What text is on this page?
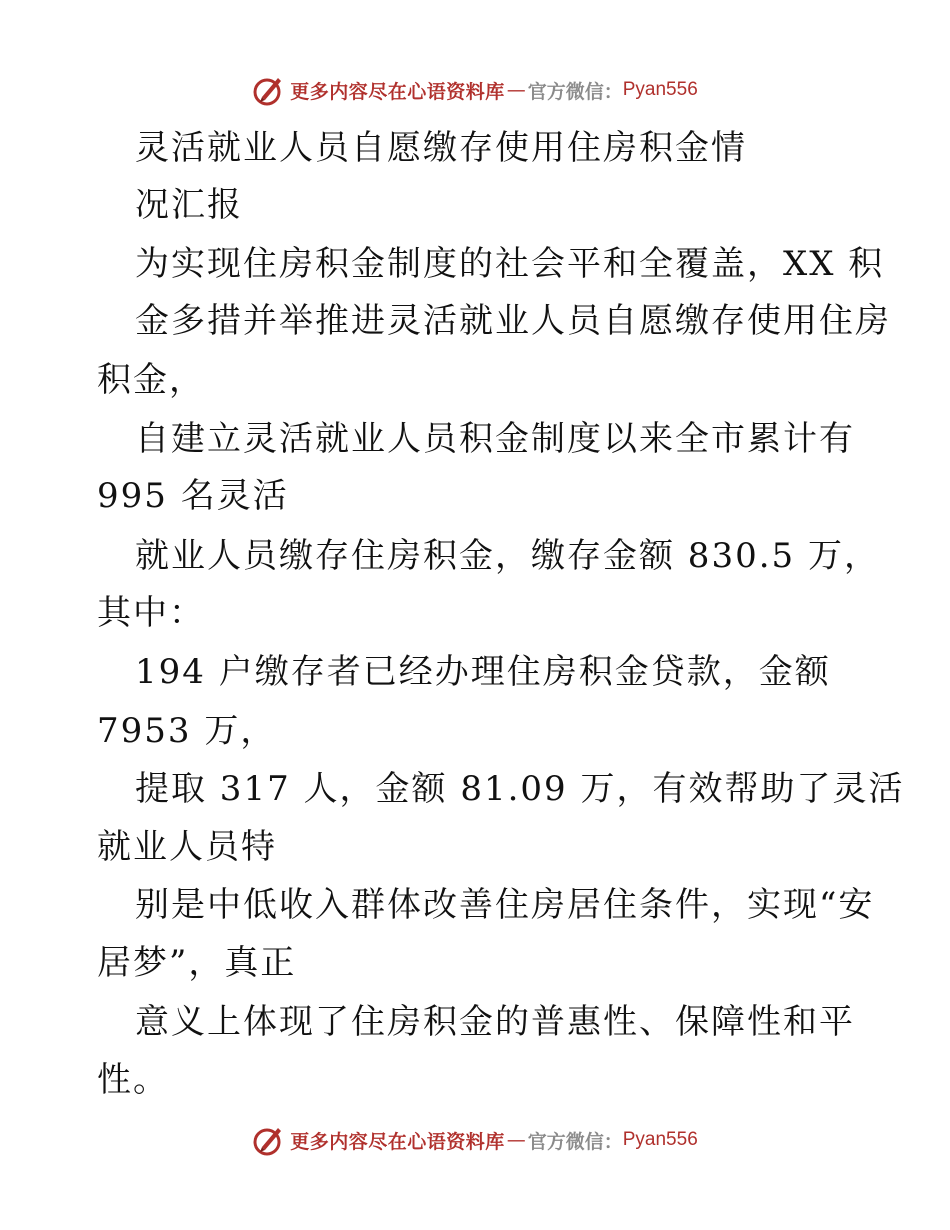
更多内容尽在心语资料库 — 官方微信： Pyan556
灵活就业人员自愿缴存使用住房积金情
况汇报
为实现住房积金制度的社会平和全覆盖，XX 积
金多措并举推进灵活就业人员自愿缴存使用住房
积金，
自建立灵活就业人员积金制度以来全市累计有
995 名灵活
就业人员缴存住房积金，缴存金额 830.5 万，
其中：
194 户缴存者已经办理住房积金贷款，金额
7953 万，
提取 317 人，金额 81.09 万，有效帮助了灵活
就业人员特
别是中低收入群体改善住房居住条件，实现“安
居梦”，真正
意义上体现了住房积金的普惠性、保障性和平
性。
更多内容尽在心语资料库 — 官方微信： Pyan556
